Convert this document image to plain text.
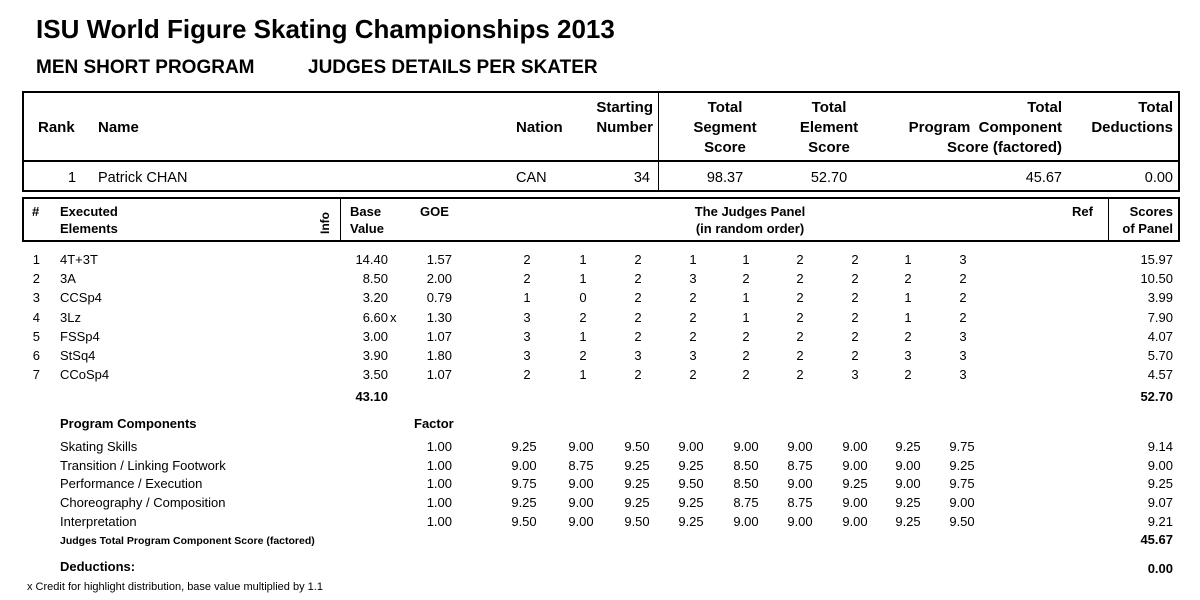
ISU World Figure Skating Championships 2013
MEN SHORT PROGRAM	JUDGES DETAILS PER SKATER
Rank Name	Nation
Starting
Number
Total
Segment
Score
Total
Element
Score
Total
Program  Component
Score (factored)
Total
Deductions
1 Patrick CHAN	CAN	34	98.37	52.70	45.67	0.00
# Executed
Elements	Info
Base
Value
GOE	The Judges Panel
(in random order)
Ref	Scores
of Panel
1 4T+3T	14.40	1.57	2	1	2	1	1	2	2	1	3	15.97
2 3A	8.50	2.00	2	1	2	3	2	2	2	2	2	10.50
3 CCSp4	3.20	0.79	1	0	2	2	1	2	2	1	2	3.99
4 3Lz	6.60 x 1.30	3	2	2	2	1	2	2	1	2	7.90
5 FSSp4	3.00	1.07	3	1	2	2	2	2	2	2	3	4.07
6 StSq4	3.90	1.80	3	2	3	3	2	2	2	3	3	5.70
7 CCoSp4	3.50	1.07	2	1	2	2	2	2	3	2	3	4.57
43.10	52.70
Program Components	Factor
Skating Skills	1.00	9.25	9.00	9.50	9.00	9.00	9.00	9.00	9.25	9.75	9.14
Transition / Linking Footwork	1.00	9.00	8.75	9.25	9.25	8.50	8.75	9.00	9.00	9.25	9.00
Performance / Execution	1.00	9.75	9.00	9.25	9.50	8.50	9.00	9.25	9.00	9.75	9.25
Choreography / Composition	1.00	9.25	9.00	9.25	9.25	8.75	8.75	9.00	9.25	9.00	9.07
Interpretation	1.00	9.50	9.00	9.50	9.25	9.00	9.00	9.00	9.25	9.50	9.21
Judges Total Program Component Score (factored)	45.67
Deductions:	0.00
x Credit for highlight distribution, base value multiplied by 1.1
